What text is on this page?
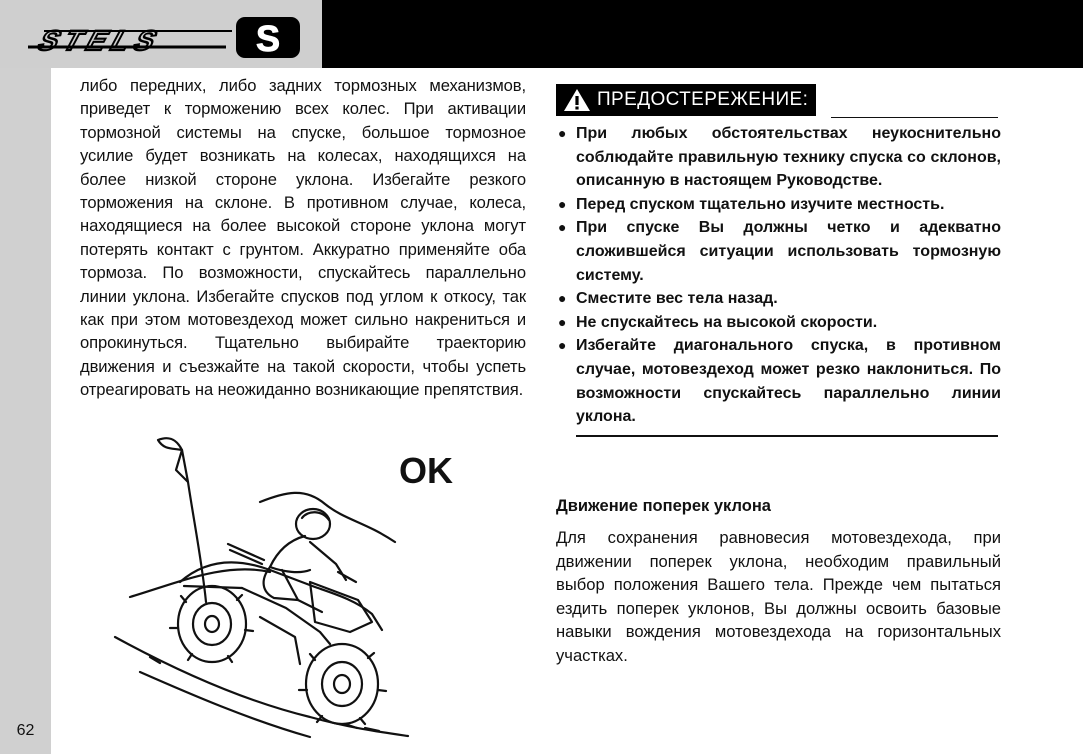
STELS S
62

либо передних, либо задних тормозных механизмов, приведет к торможению всех колес. При активации тормозной системы на спуске, большое тормозное усилие будет возникать на колесах, находящихся на более низкой стороне уклона. Избегайте резкого торможения на склоне. В противном случае, колеса, находящиеся на более высокой стороне уклона могут потерять контакт с грунтом. Аккуратно применяйте оба тормоза. По возможности, спускайтесь параллельно линии уклона. Избегайте спусков под углом к откосу, так как при этом мотовездеход может сильно накрениться и опрокинуться. Тщательно выбирайте траекторию движения и съезжайте на такой скорости, чтобы успеть отреагировать на неожиданно возникающие препятствия.

OK
ПРЕДОСТЕРЕЖЕНИЕ:
● При любых обстоятельствах неукоснительно соблюдайте правильную технику спуска со склонов, описанную в настоящем Руководстве.
● Перед спуском тщательно изучите местность.
● При спуске Вы должны четко и адекватно сложившейся ситуации использовать тормозную систему.
● Сместите вес тела назад.
● Не спускайтесь на высокой скорости.
● Избегайте диагонального спуска, в противном случае, мотовездеход может резко наклониться. По возможности спускайтесь параллельно линии уклона.
Движение поперек уклона

Для сохранения равновесия мотовездехода, при движении поперек уклона, необходим правильный выбор положения Вашего тела. Прежде чем пытаться ездить поперек уклонов, Вы должны освоить базовые навыки вождения мотовездехода на горизонтальных участках.
